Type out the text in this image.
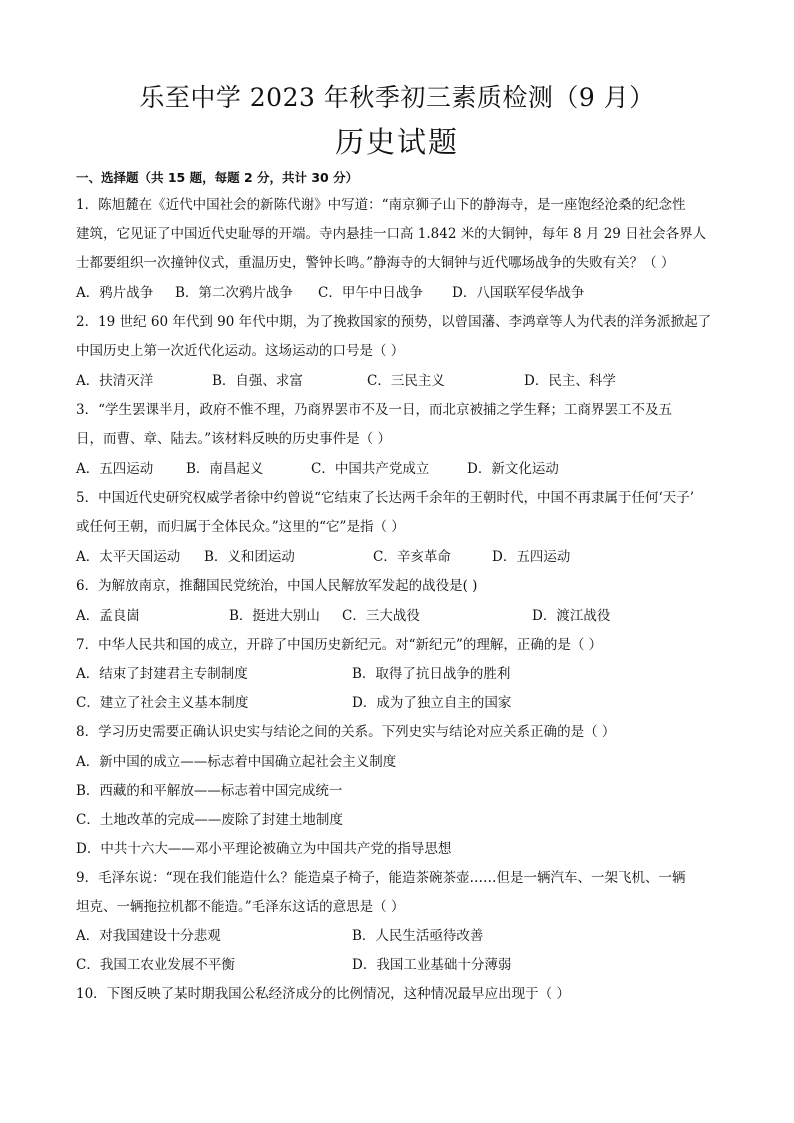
乐至中学 2023 年秋季初三素质检测（9 月）
历史试题
一、选择题（共 15 题，每题 2 分，共计 30 分）
1．陈旭麓在《近代中国社会的新陈代谢》中写道：“南京狮子山下的静海寺，是一座饱经沧桑的纪念性
建筑，它见证了中国近代史耻辱的开端。寺内悬挂一口高 1.842 米的大铜钟，每年 8 月 29 日社会各界人
士都要组织一次撞钟仪式，重温历史，警钟长鸣。”静海寺的大铜钟与近代哪场战争的失败有关？（ ）
A．鸦片战争 B．第二次鸦片战争 C．甲午中日战争 D．八国联军侵华战争
2．19 世纪 60 年代到 90 年代中期，为了挽救国家的预势，以曾国藩、李鸿章等人为代表的洋务派掀起了
中国历史上第一次近代化运动。这场运动的口号是（ ）
A．扶清灭洋	B．自强、求富	C．三民主义	D．民主、科学
3．“学生罢课半月，政府不惟不理，乃商界罢市不及一日，而北京被捕之学生释；工商界罢工不及五
日，而曹、章、陆去。”该材料反映的历史事件是（ ）
A．五四运动 B．南昌起义	C．中国共产党成立	D．新文化运动
5．中国近代史研究权威学者徐中约曾说“它结束了长达两千余年的王朝时代，中国不再隶属于任何‘天子’
或任何王朝，而归属于全体民众。”这里的“它”是指（ ）
A．太平天国运动 B．义和团运动	C．辛亥革命	D．五四运动
6．为解放南京，推翻国民党统治，中国人民解放军发起的战役是( )
A．孟良崮	B．挺进大别山 C．三大战役	D．渡江战役
7．中华人民共和国的成立，开辟了中国历史新纪元。对“新纪元”的理解，正确的是（ ）
A．结束了封建君主专制制度	B．取得了抗日战争的胜利
C．建立了社会主义基本制度	D．成为了独立自主的国家
8．学习历史需要正确认识史实与结论之间的关系。下列史实与结论对应关系正确的是（ ）
A．新中国的成立——标志着中国确立起社会主义制度
B．西藏的和平解放——标志着中国完成统一
C．土地改革的完成——废除了封建土地制度
D．中共十六大——邓小平理论被确立为中国共产党的指导思想
9．毛泽东说：“现在我们能造什么？能造桌子椅子，能造茶碗茶壶……但是一辆汽车、一架飞机、一辆
坦克、一辆拖拉机都不能造。”毛泽东这话的意思是（ ）
A．对我国建设十分悲观	B．人民生活亟待改善
C．我国工农业发展不平衡	D．我国工业基础十分薄弱
10．下图反映了某时期我国公私经济成分的比例情况，这种情况最早应出现于（ ）
